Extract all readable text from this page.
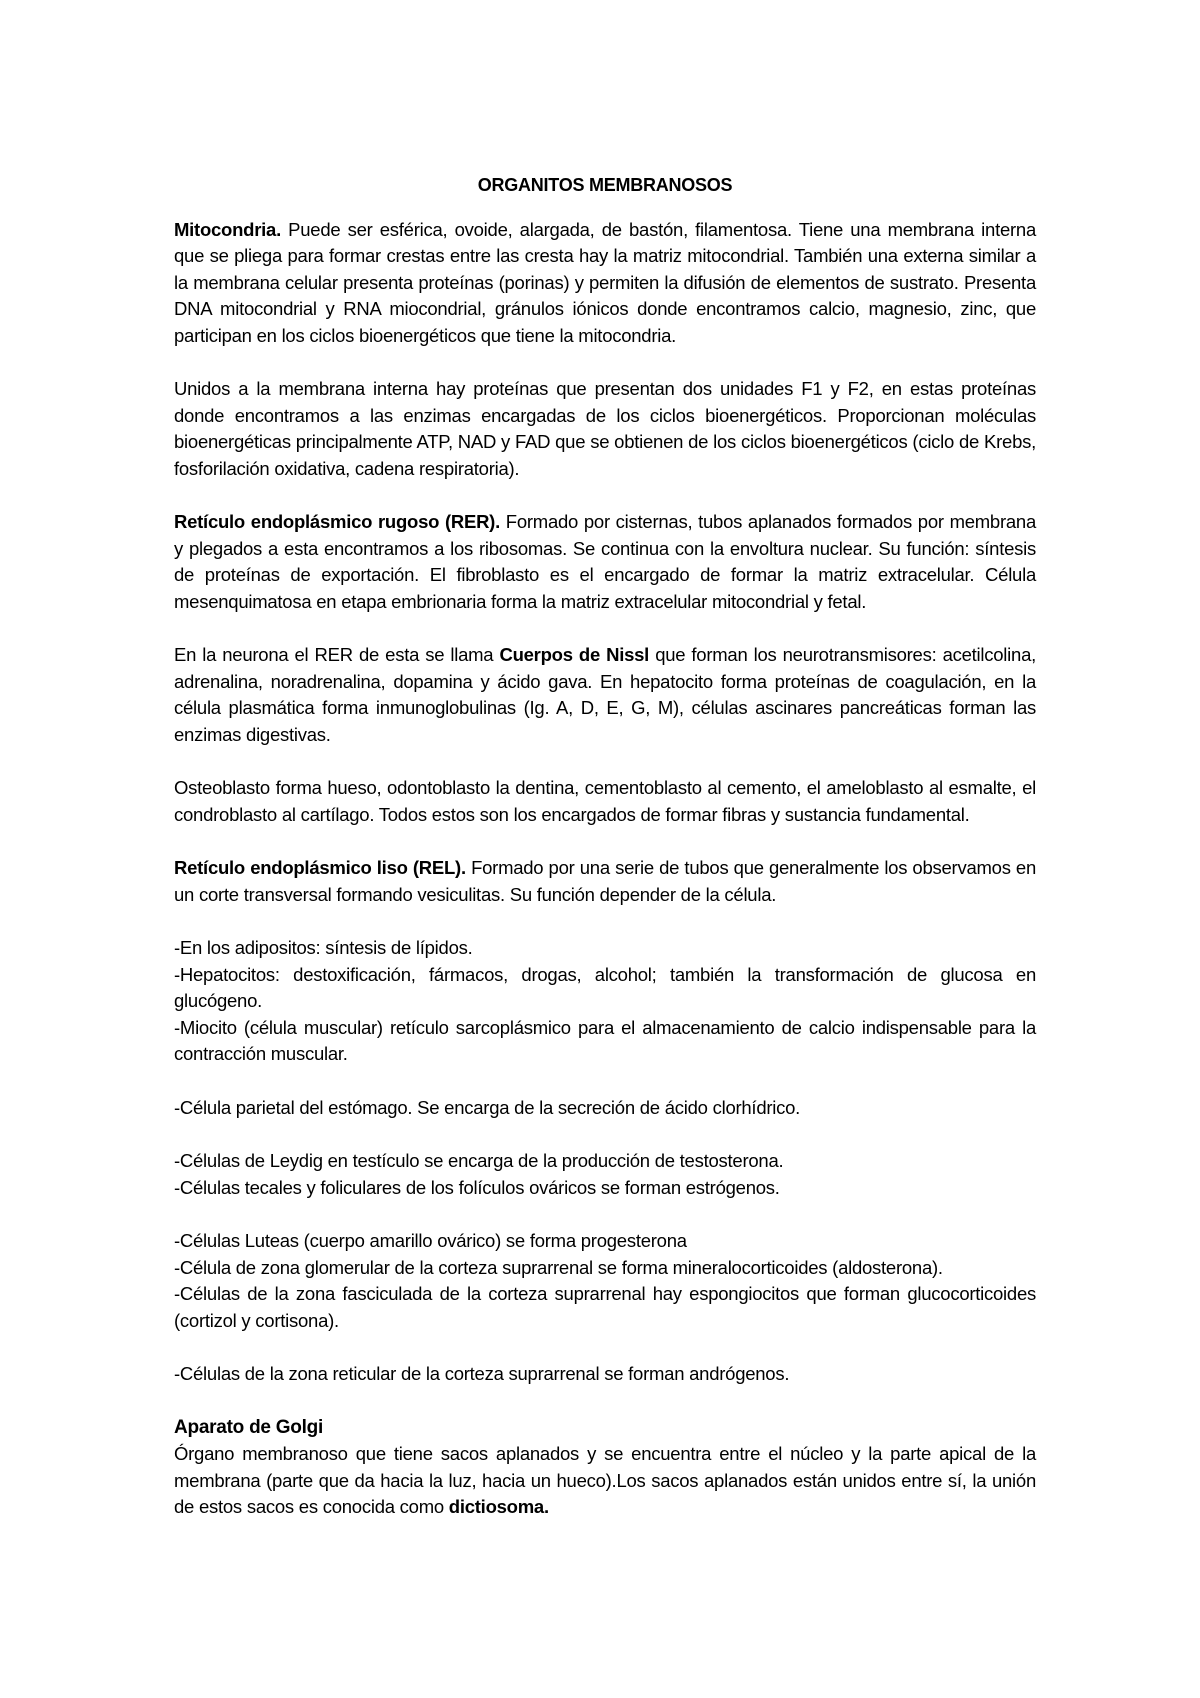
ORGANITOS MEMBRANOSOS

Mitocondria. Puede ser esférica, ovoide, alargada, de bastón, filamentosa. Tiene una membrana interna que se pliega para formar crestas entre las cresta hay la matriz mitocondrial. También una externa similar a la membrana celular presenta proteínas (porinas) y permiten la difusión de elementos de sustrato. Presenta DNA mitocondrial y RNA miocondrial, gránulos iónicos donde encontramos calcio, magnesio, zinc, que participan en los ciclos bioenergéticos que tiene la mitocondria.

Unidos a la membrana interna hay proteínas que presentan dos unidades F1 y F2, en estas proteínas donde encontramos a las enzimas encargadas de los ciclos bioenergéticos. Proporcionan moléculas bioenergéticas principalmente ATP, NAD y FAD que se obtienen de los ciclos bioenergéticos (ciclo de Krebs, fosforilación oxidativa, cadena respiratoria).

Retículo endoplásmico rugoso (RER). Formado por cisternas, tubos aplanados formados por membrana y plegados a esta encontramos a los ribosomas. Se continua con la envoltura nuclear. Su función: síntesis de proteínas de exportación. El fibroblasto es el encargado de formar la matriz extracelular. Célula mesenquimatosa en etapa embrionaria forma la matriz extracelular mitocondrial y fetal.

En la neurona el RER de esta se llama Cuerpos de Nissl que forman los neurotransmisores: acetilcolina, adrenalina, noradrenalina, dopamina y ácido gava. En hepatocito forma proteínas de coagulación, en la célula plasmática forma inmunoglobulinas (Ig. A, D, E, G, M), células ascinares pancreáticas forman las enzimas digestivas.

Osteoblasto forma hueso, odontoblasto la dentina, cementoblasto al cemento, el ameloblasto al esmalte, el condroblasto al cartílago. Todos estos son los encargados de formar fibras y sustancia fundamental.

Retículo endoplásmico liso (REL). Formado por una serie de tubos que generalmente los observamos en un corte transversal formando vesiculitas. Su función depender de la célula.

-En los adipositos: síntesis de lípidos.

-Hepatocitos: destoxificación, fármacos, drogas, alcohol; también la transformación de glucosa en glucógeno.

-Miocito (célula muscular) retículo sarcoplásmico para el almacenamiento de calcio indispensable para la contracción muscular.

-Célula parietal del estómago. Se encarga de la secreción de ácido clorhídrico.

-Células de Leydig en testículo se encarga de la producción de testosterona.

-Células tecales y foliculares de los folículos ováricos se forman estrógenos.

-Células Luteas (cuerpo amarillo ovárico) se forma progesterona

-Célula de zona glomerular de la corteza suprarrenal se forma mineralocorticoides (aldosterona).

-Células de la zona fasciculada de la corteza suprarrenal hay espongiocitos que forman glucocorticoides (cortizol y cortisona).

-Células de la zona reticular de la corteza suprarrenal se forman andrógenos.

Aparato de Golgi

Órgano membranoso que tiene sacos aplanados y se encuentra entre el núcleo y la parte apical de la membrana (parte que da hacia la luz, hacia un hueco).Los sacos aplanados están unidos entre sí, la unión de estos sacos es conocida como dictiosoma.
